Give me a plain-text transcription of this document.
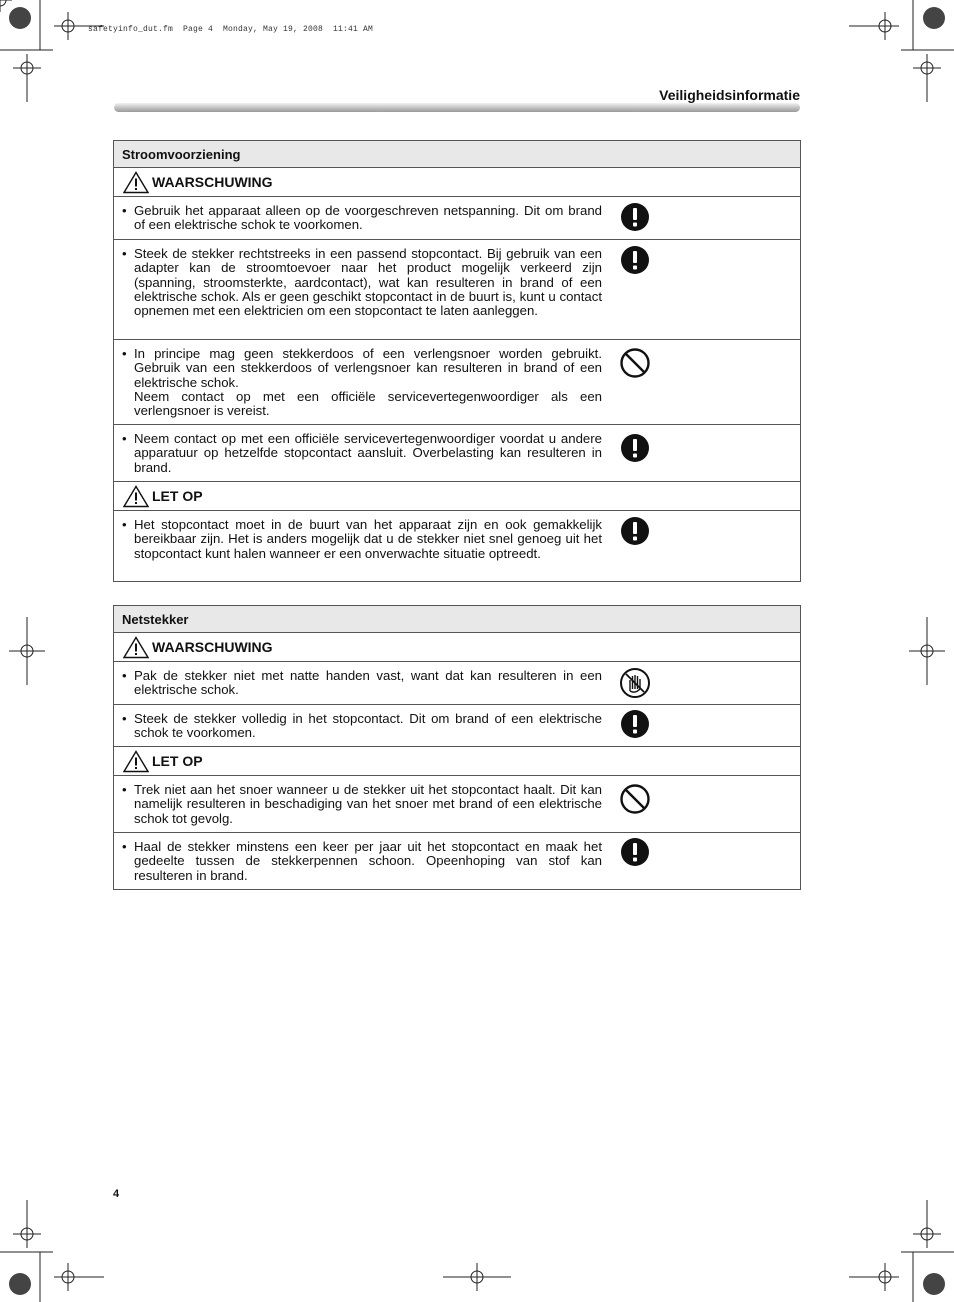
safetyinfo_dut.fm  Page 4  Monday, May 19, 2008  11:41 AM
Veiligheidsinformatie
Stroomvoorziening
WAARSCHUWING
• Gebruik het apparaat alleen op de voorgeschreven netspanning. Dit om brand of een elektrische schok te voorkomen.
• Steek de stekker rechtstreeks in een passend stopcontact. Bij gebruik van een adapter kan de stroomtoevoer naar het product mogelijk verkeerd zijn (spanning, stroomsterkte, aardcontact), wat kan resulteren in brand of een elektrische schok. Als er geen geschikt stopcontact in de buurt is, kunt u contact opnemen met een elektricien om een stopcontact te laten aanleggen.
• In principe mag geen stekkerdoos of een verlengsnoer worden gebruikt. Gebruik van een stekkerdoos of verlengsnoer kan resulteren in brand of een elektrische schok.
Neem contact op met een officiële servicevertegenwoordiger als een verlengsnoer is vereist.
• Neem contact op met een officiële servicevertegenwoordiger voordat u andere apparatuur op hetzelfde stopcontact aansluit. Overbelasting kan resulteren in brand.
LET OP
• Het stopcontact moet in de buurt van het apparaat zijn en ook gemakkelijk bereikbaar zijn. Het is anders mogelijk dat u de stekker niet snel genoeg uit het stopcontact kunt halen wanneer er een onverwachte situatie optreedt.
Netstekker
WAARSCHUWING
• Pak de stekker niet met natte handen vast, want dat kan resulteren in een elektrische schok.
• Steek de stekker volledig in het stopcontact. Dit om brand of een elektrische schok te voorkomen.
LET OP
• Trek niet aan het snoer wanneer u de stekker uit het stopcontact haalt. Dit kan namelijk resulteren in beschadiging van het snoer met brand of een elektrische schok tot gevolg.
• Haal de stekker minstens een keer per jaar uit het stopcontact en maak het gedeelte tussen de stekkerpennen schoon. Opeenhoping van stof kan resulteren in brand.
4
